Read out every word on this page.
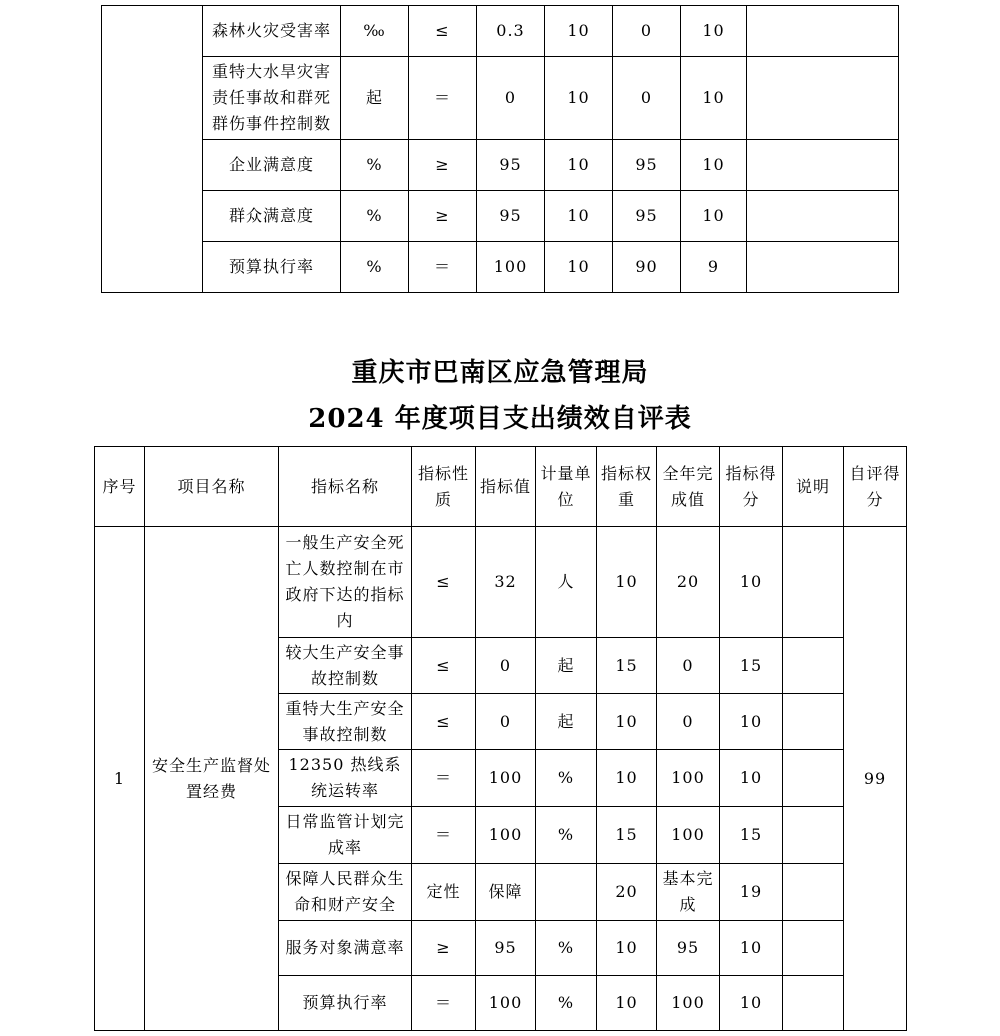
	森林火灾受害率	‰	≤	0.3	10	0	10	
	重特大水旱灾害责任事故和群死群伤事件控制数	起	＝	0	10	0	10	
	企业满意度	%	≥	95	10	95	10	
	群众满意度	%	≥	95	10	95	10	
	预算执行率	%	＝	100	10	90	9	
重庆市巴南区应急管理局
2024 年度项目支出绩效自评表
序号	项目名称	指标名称	指标性质	指标值	计量单位	指标权重	全年完成值	指标得分	说明	自评得分
1	安全生产监督处置经费	一般生产安全死亡人数控制在市政府下达的指标内	≤	32	人	10	20	10		99
		较大生产安全事故控制数	≤	0	起	15	0	15		
		重特大生产安全事故控制数	≤	0	起	10	0	10		
		12350 热线系统运转率	＝	100	%	10	100	10		
		日常监管计划完成率	＝	100	%	15	100	15		
		保障人民群众生命和财产安全	定性	保障		20	基本完成	19		
		服务对象满意率	≥	95	%	10	95	10		
		预算执行率	＝	100	%	10	100	10		
